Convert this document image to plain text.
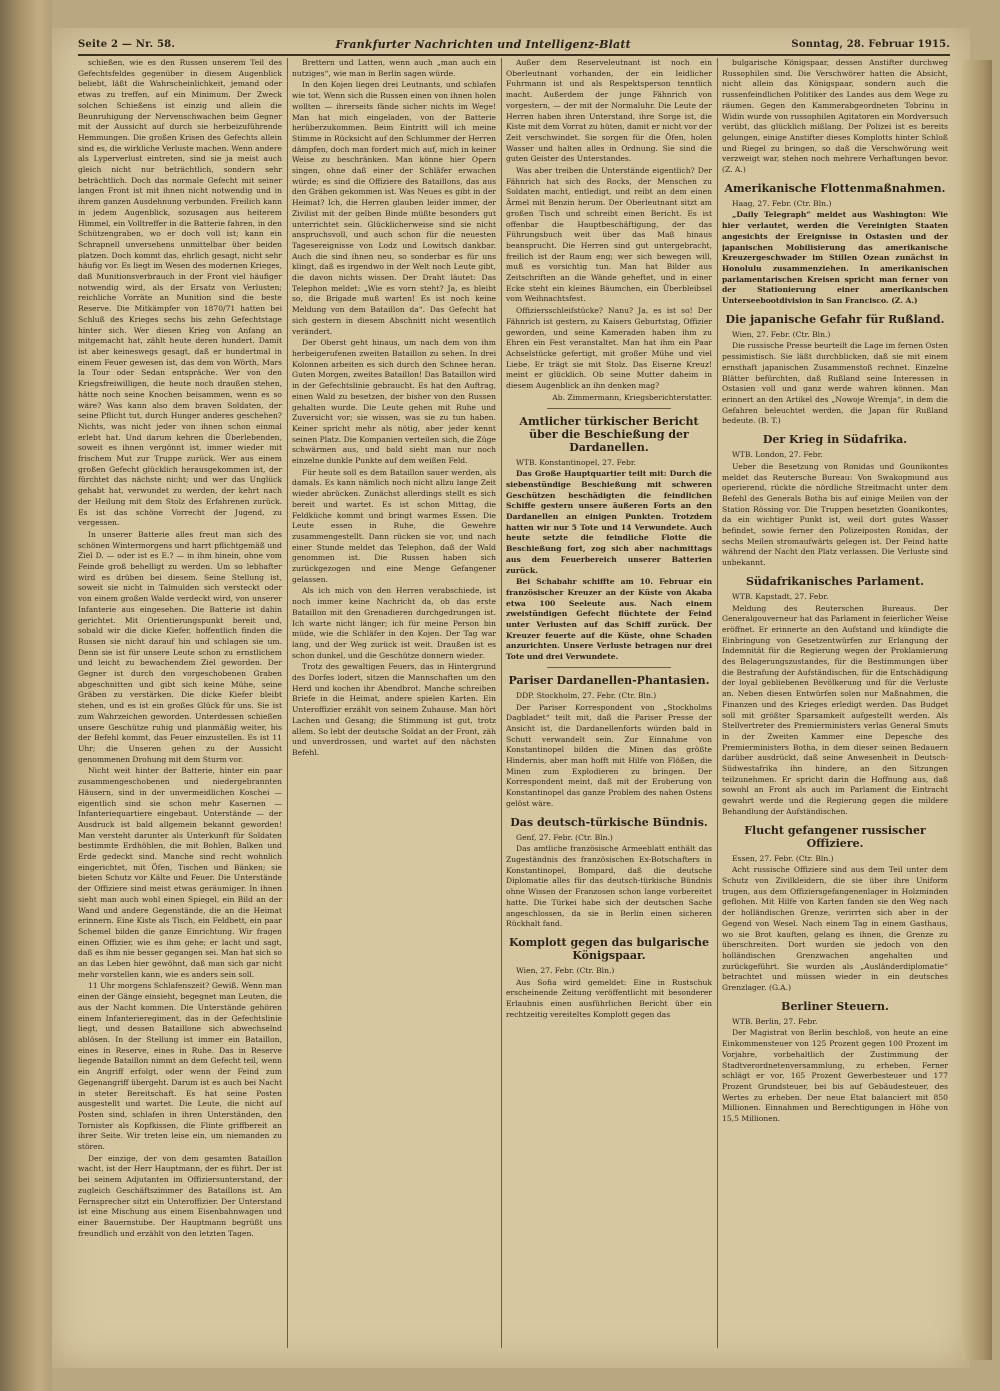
Seite 2 — Nr. 58.	Frankfurter Nachrichten und Intelligenz-Blatt	Sonntag, 28. Februar 1915.

schießen, wie es den Russen unserem Teil des Gefechtsfeldes gegenüber in diesem Augenblick beliebt, läßt die Wahrscheinlichkeit, jemand oder etwas zu treffen, auf ein Minimum. Der Zweck solchen Schießens ist einzig und allein die Beunruhigung der Nervenschwachen beim Gegner mit der Aussicht auf durch sie herbeizuführende Hemmungen. Die großen Krisen des Gefechts allein sind es, die wirkliche Verluste machen. Wenn andere als Lyperverlust eintreten, sind sie ja meist auch gleich nicht nur beträchtlich, sondern sehr beträchtlich. Doch das normale Gefecht mit seiner langen Front ist mit ihnen nicht notwendig und in ihrem ganzen Ausdehnung verbunden. Freilich kann in jedem Augenblick, sozusagen aus heiterem Himmel, ein Volltreffer in die Batterie fahren, in den Schützengraben, wo er doch voll ist; kann ein Schrapnell unversehens unmittelbar über beiden platzen. Doch kommt das, ehrlich gesagt, nicht sehr häufig vor. Es liegt im Wesen des modernen Krieges, daß Munitionsverbrauch in der Front viel häufiger notwendig wird, als der Ersatz von Verlusten; reichliche Vorräte an Munition sind die beste Reserve. Die Mitkämpfer von 1870/71 hatten bei Schluß des Krieges sechs bis zehn Gefechtstage hinter sich. Wer diesen Krieg von Anfang an mitgemacht hat, zählt heute deren hundert. Damit ist aber keineswegs gesagt, daß er hundertmal in einem Feuer gewesen ist, das dem von Wörth, Mars la Tour oder Sedan entspräche. Wer von den Kriegsfreiwilligen, die heute noch draußen stehen, hätte noch seine Knochen beisammen, wenn es so wäre? Was kann also dem braven Soldaten, der seine Pflicht tut, durch Hunger anderes geschehen? Nichts, was nicht jeder von ihnen schon einmal erlebt hat. Und darum kehren die Überlebenden, soweit es ihnen vergönnt ist, immer wieder mit frischem Mut zur Truppe zurück. Wer aus einem großen Gefecht glücklich herausgekommen ist, der fürchtet das nächste nicht; und wer das Unglück gehabt hat, verwundet zu werden, der kehrt nach der Heilung mit dem Stolz des Erfahrenen zurück. Es ist das schöne Vorrecht der Jugend, zu vergessen.

In unserer Batterie alles freut man sich des schönen Wintermorgens und harrt pflichtgemäß und Ziel D. — oder ist es E.? — in ihm hinein, ohne vom Feinde groß behelligt zu werden. Um so lebhafter wird es drüben bei diesem. Seine Stellung ist, soweit sie nicht in Talmulden sich versteckt oder von einem großen Walde verdeckt wird, von unserer Infanterie aus eingesehen. Die Batterie ist dahin gerichtet. Mit Orientierungspunkt bereit und, sobald wir die dicke Kiefer, hoffentlich finden die Russen sie nicht darauf hin und schlagen sie um. Denn sie ist für unsere Leute schon zu ernstlichem und leicht zu bewachendem Ziel geworden. Der Gegner ist durch den vorgeschobenen Graben abgeschnitten und gibt sich keine Mühe, seine Gräben zu verstärken. Die dicke Kiefer bleibt stehen, und es ist ein großes Glück für uns. Sie ist zum Wahrzeichen geworden. Unterdessen schießen unsere Geschütze ruhig und planmäßig weiter, bis der Befehl kommt, das Feuer einzustellen. Es ist 11 Uhr; die Unseren gehen zu der Aussicht genommenen Drohung mit dem Sturm vor.

Nicht weit hinter der Batterie, hinter ein paar zusammengeschobenen und niedergebrannten Häusern, sind in der unvermeidlichen Koschei — eigentlich sind sie schon mehr Kasernen — Infanteriequartiere eingebaut. Unterstände — der Ausdruck ist bald allgemein bekannt geworden! Man versteht darunter als Unterkunft für Soldaten bestimmte Erdhöhlen, die mit Bohlen, Balken und Erde gedeckt sind. Manche sind recht wohnlich eingerichtet, mit Öfen, Tischen und Bänken; sie bieten Schutz vor Kälte und Feuer. Die Unterstände der Offiziere sind meist etwas geräumiger. In ihnen sieht man auch wohl einen Spiegel, ein Bild an der Wand und andere Gegenstände, die an die Heimat erinnern. Eine Kiste als Tisch, ein Feldbett, ein paar Schemel bilden die ganze Einrichtung. Wir fragen einen Offizier, wie es ihm gehe; er lacht und sagt, daß es ihm nie besser gegangen sei. Man hat sich so an das Leben hier gewöhnt, daß man sich gar nicht mehr vorstellen kann, wie es anders sein soll.

11 Uhr morgens Schlafenszeit? Gewiß. Wenn man einen der Gänge einsieht, begegnet man Leuten, die aus der Nacht kommen. Die Unterstände gehören einem Infanterieregiment, das in der Gefechtslinie liegt, und dessen Bataillone sich abwechselnd ablösen. In der Stellung ist immer ein Bataillon, eines in Reserve, eines in Ruhe. Das in Reserve liegende Bataillon nimmt an dem Gefecht teil, wenn ein Angriff erfolgt, oder wenn der Feind zum Gegenangriff übergeht. Darum ist es auch bei Nacht in steter Bereitschaft. Es hat seine Posten ausgestellt und wartet. Die Leute, die nicht auf Posten sind, schlafen in ihren Unterständen, den Tornister als Kopfkissen, die Flinte griffbereit an ihrer Seite. Wir treten leise ein, um niemanden zu stören.

Der einzige, der von dem gesamten Bataillon wacht, ist der Herr Hauptmann, der es führt. Der ist bei seinem Adjutanten im Offiziersunterstand, der zugleich Geschäftszimmer des Bataillons ist. Am Fernsprecher sitzt ein Unteroffizier. Der Unterstand ist eine Mischung aus einem Eisenbahnwagen und einer Bauernstube. Der Hauptmann begrüßt uns freundlich und erzählt von den letzten Tagen.

Brettern und Latten, wenn auch „man auch ein nutziges“, wie man in Berlin sagen würde.

In den Kojen liegen drei Leutnants, und schlafen wie tot. Wenn sich die Russen einen von ihnen holen wollten — ihrerseits fände sicher nichts im Wege! Man hat mich eingeladen, von der Batterie herüberzukommen. Beim Eintritt will ich meine Stimme in Rücksicht auf den Schlummer der Herren dämpfen, doch man fordert mich auf, mich in keiner Weise zu beschränken. Man könne hier Opern singen, ohne daß einer der Schläfer erwachen würde; es sind die Offiziere des Bataillons, das aus den Gräben gekommen ist. Was Neues es gibt in der Heimat? Ich, die Herren glauben leider immer, der Zivilist mit der gelben Binde müßte besonders gut unterrichtet sein. Glücklicherweise sind sie nicht anspruchsvoll, und auch schon für die neuesten Tagesereignisse von Lodz und Lowitsch dankbar. Auch die sind ihnen neu, so sonderbar es für uns klingt, daß es irgendwo in der Welt noch Leute gibt, die davon nichts wissen. Der Draht läutet: Das Telephon meldet: „Wie es vorn steht? Ja, es bleibt so, die Brigade muß warten! Es ist noch keine Meldung von dem Bataillon da“. Das Gefecht hat sich gestern in diesem Abschnitt nicht wesentlich verändert.

Der Oberst geht hinaus, um nach dem von ihm herbeigerufenen zweiten Bataillon zu sehen. In drei Kolonnen arbeiten es sich durch den Schnee heran. Guten Morgen, zweites Bataillon! Das Bataillon wird in der Gefechtslinie gebraucht. Es hat den Auftrag, einen Wald zu besetzen, der bisher von den Russen gehalten wurde. Die Leute gehen mit Ruhe und Zuversicht vor; sie wissen, was sie zu tun haben. Keiner spricht mehr als nötig, aber jeder kennt seinen Platz. Die Kompanien verteilen sich, die Züge schwärmen aus, und bald sieht man nur noch einzelne dunkle Punkte auf dem weißen Feld.

Für heute soll es dem Bataillon sauer werden, als damals. Es kann nämlich noch nicht allzu lange Zeit wieder abrücken. Zunächst allerdings stellt es sich bereit und wartet. Es ist schon Mittag, die Feldküche kommt und bringt warmes Essen. Die Leute essen in Ruhe, die Gewehre zusammengestellt. Dann rücken sie vor, und nach einer Stunde meldet das Telephon, daß der Wald genommen ist. Die Russen haben sich zurückgezogen und eine Menge Gefangener gelassen.

Als ich mich von den Herren verabschiede, ist noch immer keine Nachricht da, ob das erste Bataillon mit den Grenadieren durchgedrungen ist. Ich warte nicht länger; ich für meine Person bin müde, wie die Schläfer in den Kojen. Der Tag war lang, und der Weg zurück ist weit. Draußen ist es schon dunkel, und die Geschütze donnern wieder.

Trotz des gewaltigen Feuers, das in Hintergrund des Dorfes lodert, sitzen die Mannschaften um den Herd und kochen ihr Abendbrot. Manche schreiben Briefe in die Heimat, andere spielen Karten. Ein Unteroffizier erzählt von seinem Zuhause. Man hört Lachen und Gesang; die Stimmung ist gut, trotz allem. So lebt der deutsche Soldat an der Front, zäh und unverdrossen, und wartet auf den nächsten Befehl.

Außer dem Reserveleutnant ist noch ein Oberleutnant vorhanden, der ein leidlicher Fuhrmann ist und als Respektsperson tenntlich macht. Außerdem der junge Fähnrich von vorgestern, — der mit der Normaluhr. Die Leute der Herren haben ihren Unterstand, ihre Sorge ist, die Kiste mit dem Vorrat zu hüten, damit er nicht vor der Zeit verschwindet. Sie sorgen für die Öfen, holen Wasser und halten alles in Ordnung. Sie sind die guten Geister des Unterstandes.

Was aber treiben die Unterstände eigentlich? Der Fähnrich hat sich des Rocks, der Menschen zu Soldaten macht, entledigt, und reibt an dem einen Ärmel mit Benzin herum. Der Oberleutnant sitzt am großen Tisch und schreibt einen Bericht. Es ist offenbar die Hauptbeschäftigung, der das Führungsbuch weit über das Maß hinaus beansprucht. Die Herren sind gut untergebracht, freilich ist der Raum eng; wer sich bewegen will, muß es vorsichtig tun. Man hat Bilder aus Zeitschriften an die Wände geheftet, und in einer Ecke steht ein kleines Bäumchen, ein Überbleibsel vom Weihnachtsfest.

Offiziersschleifstücke? Nanu? Ja, es ist so! Der Fähnrich ist gestern, zu Kaisers Geburtstag, Offizier geworden, und seine Kameraden haben ihm zu Ehren ein Fest veranstaltet. Man hat ihm ein Paar Achselstücke gefertigt, mit großer Mühe und viel Liebe. Er trägt sie mit Stolz. Das Eiserne Kreuz! meint er glücklich. Ob seine Mutter daheim in diesem Augenblick an ihn denken mag?

Ab. Zimmermann, Kriegsberichterstatter.

Amtlicher türkischer Bericht über die Beschießung der Dardanellen.

WTB. Konstantinopel, 27. Febr.

Das Große Hauptquartier teilt mit: Durch die siebenstündige Beschießung mit schweren Geschützen beschädigten die feindlichen Schiffe gestern unsere äußeren Forts an den Dardanellen an einigen Punkten. Trotzdem hatten wir nur 5 Tote und 14 Verwundete. Auch heute setzte die feindliche Flotte die Beschießung fort, zog sich aber nachmittags aus dem Feuerbereich unserer Batterien zurück.

Bei Schabahr schiffte am 10. Februar ein französischer Kreuzer an der Küste von Akaba etwa 100 Seeleute aus. Nach einem zweistündigen Gefecht flüchtete der Feind unter Verlusten auf das Schiff zurück. Der Kreuzer feuerte auf die Küste, ohne Schaden anzurichten. Unsere Verluste betragen nur drei Tote und drei Verwundete.

Pariser Dardanellen-Phantasien.

DDP. Stockholm, 27. Febr. (Ctr. Bln.)

Der Pariser Korrespondent von „Stockholms Dagbladet“ teilt mit, daß die Pariser Presse der Ansicht ist, die Dardanellenforts würden bald in Schutt verwandelt sein. Zur Einnahme von Konstantinopel bilden die Minen das größte Hindernis, aber man hofft mit Hilfe von Flößen, die Minen zum Explodieren zu bringen. Der Korrespondent meint, daß mit der Eroberung von Konstantinopel das ganze Problem des nahen Ostens gelöst wäre.

Das deutsch-türkische Bündnis.

Genf, 27. Febr. (Ctr. Bln.)

Das amtliche französische Armeeblatt enthält das Zugeständnis des französischen Ex-Botschafters in Konstantinopel, Bompard, daß die deutsche Diplomatie alles für das deutsch-türkische Bündnis ohne Wissen der Franzosen schon lange vorbereitet hatte. Die Türkei habe sich der deutschen Sache angeschlossen, da sie in Berlin einen sicheren Rückhalt fand.

Komplott gegen das bulgarische Königspaar.

Wien, 27. Febr. (Ctr. Bln.)

Aus Sofia wird gemeldet: Eine in Rustschuk erscheinende Zeitung veröffentlicht mit besonderer Erlaubnis einen ausführlichen Bericht über ein rechtzeitig vereiteltes Komplott gegen das

bulgarische Königspaar, dessen Anstifter durchweg Russophilen sind. Die Verschwörer hatten die Absicht, nicht allein das Königspaar, sondern auch die russenfeindlichen Politiker des Landes aus dem Wege zu räumen. Gegen den Kammerabgeordneten Tobrinu in Widin wurde von russophilen Agitatoren ein Mordversuch verübt, das glücklich mißlang. Der Polizei ist es bereits gelungen, einige Anstifter dieses Komplotts hinter Schloß und Riegel zu bringen, so daß die Verschwörung weit verzweigt war, stehen noch mehrere Verhaftungen bevor. (Z. A.)

Amerikanische Flottenmaßnahmen.

Haag, 27. Febr. (Ctr. Bln.)

„Daily Telegraph“ meldet aus Washington: Wie hier verlautet, werden die Vereinigten Staaten angesichts der Ereignisse in Ostasien und der japanischen Mobilisierung das amerikanische Kreuzergeschwader im Stillen Ozean zunächst in Honolulu zusammenziehen. In amerikanischen parlamentarischen Kreisen spricht man ferner von der Stationierung einer amerikanischen Unterseebootdivision in San Francisco. (Z. A.)

Die japanische Gefahr für Rußland.

Wien, 27. Febr. (Ctr. Bln.)

Die russische Presse beurteilt die Lage im fernen Osten pessimistisch. Sie läßt durchblicken, daß sie mit einem ernsthaft japanischen Zusammenstoß rechnet. Einzelne Blätter befürchten, daß Rußland seine Interessen in Ostasien voll und ganz werde wahren können. Man erinnert an den Artikel des „Nowoje Wremja“, in dem die Gefahren beleuchtet werden, die Japan für Rußland bedeute. (B. T.)

Der Krieg in Südafrika.

WTB. London, 27. Febr.

Ueber die Besetzung von Ronidas und Gounikontes meldet das Reutersche Bureau: Von Swakopmund aus operierend, rückte die nördliche Streitmacht unter dem Befehl des Generals Botha bis auf einige Meilen von der Station Rössing vor. Die Truppen besetzten Goanikontes, da ein wichtiger Punkt ist, weil dort gutes Wasser befindet, sowie ferner den Polizeiposten Ronidas, der sechs Meilen stromaufwärts gelegen ist. Der Feind hatte während der Nacht den Platz verlassen. Die Verluste sind unbekannt.

Südafrikanisches Parlament.

WTB. Kapstadt, 27. Febr.

Meldung des Reuterschen Bureaus. Der Generalgouverneur hat das Parlament in feierlicher Weise eröffnet. Er erinnerte an den Aufstand und kündigte die Einbringung von Gesetzentwürfen zur Erlangung der Indemnität für die Regierung wegen der Proklamierung des Belagerungszustandes, für die Bestimmungen über die Bestrafung der Aufständischen, für die Entschädigung der loyal gebliebenen Bevölkerung und für die Verluste an. Neben diesen Entwürfen solen nur Maßnahmen, die Finanzen und des Krieges erledigt werden. Das Budget soll mit größter Sparsamkeit aufgestellt werden. Als Stellvertreter des Premierministers verlas General Smuts in der Zweiten Kammer eine Depesche des Premierministers Botha, in dem dieser seinen Bedauern darüber ausdrückt, daß seine Anwesenheit in Deutsch-Südwestafrika ihn hindere, an den Sitzungen teilzunehmen. Er spricht darin die Hoffnung aus, daß sowohl an Front als auch im Parlament die Eintracht gewahrt werde und die Regierung gegen die mildere Behandlung der Aufständischen.

Flucht gefangener russischer Offiziere.

Essen, 27. Febr. (Ctr. Bln.)

Acht russische Offiziere sind aus dem Teil unter dem Schutz von Zivilkleidern, die sie über ihre Uniform trugen, aus dem Offiziersgefangenenlager in Holzminden geflohen. Mit Hilfe von Karten fanden sie den Weg nach der holländischen Grenze, verirrten sich aber in der Gegend von Wesel. Nach einem Tag in einem Gasthaus, wo sie Brot kauften, gelang es ihnen, die Grenze zu überschreiten. Dort wurden sie jedoch von den holländischen Grenzwachen angehalten und zurückgeführt. Sie wurden als „Ausländerdiplomatie“ betrachtet und müssen wieder in ein deutsches Grenzlager. (G.A.)

Berliner Steuern.

WTB. Berlin, 27. Febr.

Der Magistrat von Berlin beschloß, von heute an eine Einkommensteuer von 125 Prozent gegen 100 Prozent im Vorjahre, vorbehaltlich der Zustimmung der Stadtverordnetenversammlung, zu erheben. Ferner schlägt er vor, 165 Prozent Gewerbesteuer und 177 Prozent Grundsteuer, bei bis auf Gebäudesteuer, des Wertes zu erheben. Der neue Etat balanciert mit 850 Millionen. Einnahmen und Berechtigungen in Höhe von 15,5 Millionen.
